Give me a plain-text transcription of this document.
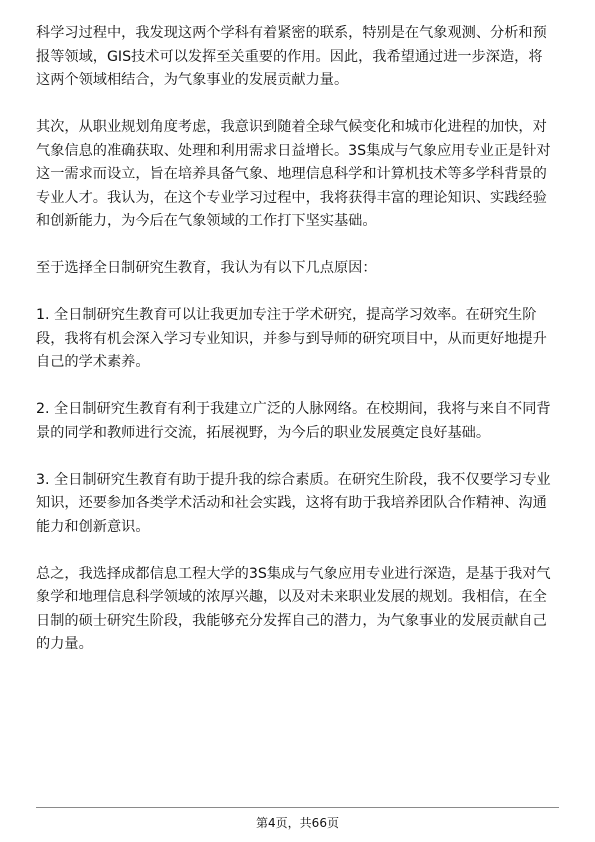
科学习过程中，我发现这两个学科有着紧密的联系，特别是在气象观测、分析和预
报等领域，GIS技术可以发挥至关重要的作用。因此，我希望通过进一步深造，将
这两个领域相结合，为气象事业的发展贡献力量。
其次，从职业规划角度考虑，我意识到随着全球气候变化和城市化进程的加快，对
气象信息的准确获取、处理和利用需求日益增长。3S集成与气象应用专业正是针对
这一需求而设立，旨在培养具备气象、地理信息科学和计算机技术等多学科背景的
专业人才。我认为，在这个专业学习过程中，我将获得丰富的理论知识、实践经验
和创新能力，为今后在气象领域的工作打下坚实基础。
至于选择全日制研究生教育，我认为有以下几点原因：
1. 全日制研究生教育可以让我更加专注于学术研究，提高学习效率。在研究生阶
段，我将有机会深入学习专业知识，并参与到导师的研究项目中，从而更好地提升
自己的学术素养。
2. 全日制研究生教育有利于我建立广泛的人脉网络。在校期间，我将与来自不同背
景的同学和教师进行交流，拓展视野，为今后的职业发展奠定良好基础。
3. 全日制研究生教育有助于提升我的综合素质。在研究生阶段，我不仅要学习专业
知识，还要参加各类学术活动和社会实践，这将有助于我培养团队合作精神、沟通
能力和创新意识。
总之，我选择成都信息工程大学的3S集成与气象应用专业进行深造，是基于我对气
象学和地理信息科学领域的浓厚兴趣，以及对未来职业发展的规划。我相信，在全
日制的硕士研究生阶段，我能够充分发挥自己的潜力，为气象事业的发展贡献自己
的力量。
第4页，共66页
